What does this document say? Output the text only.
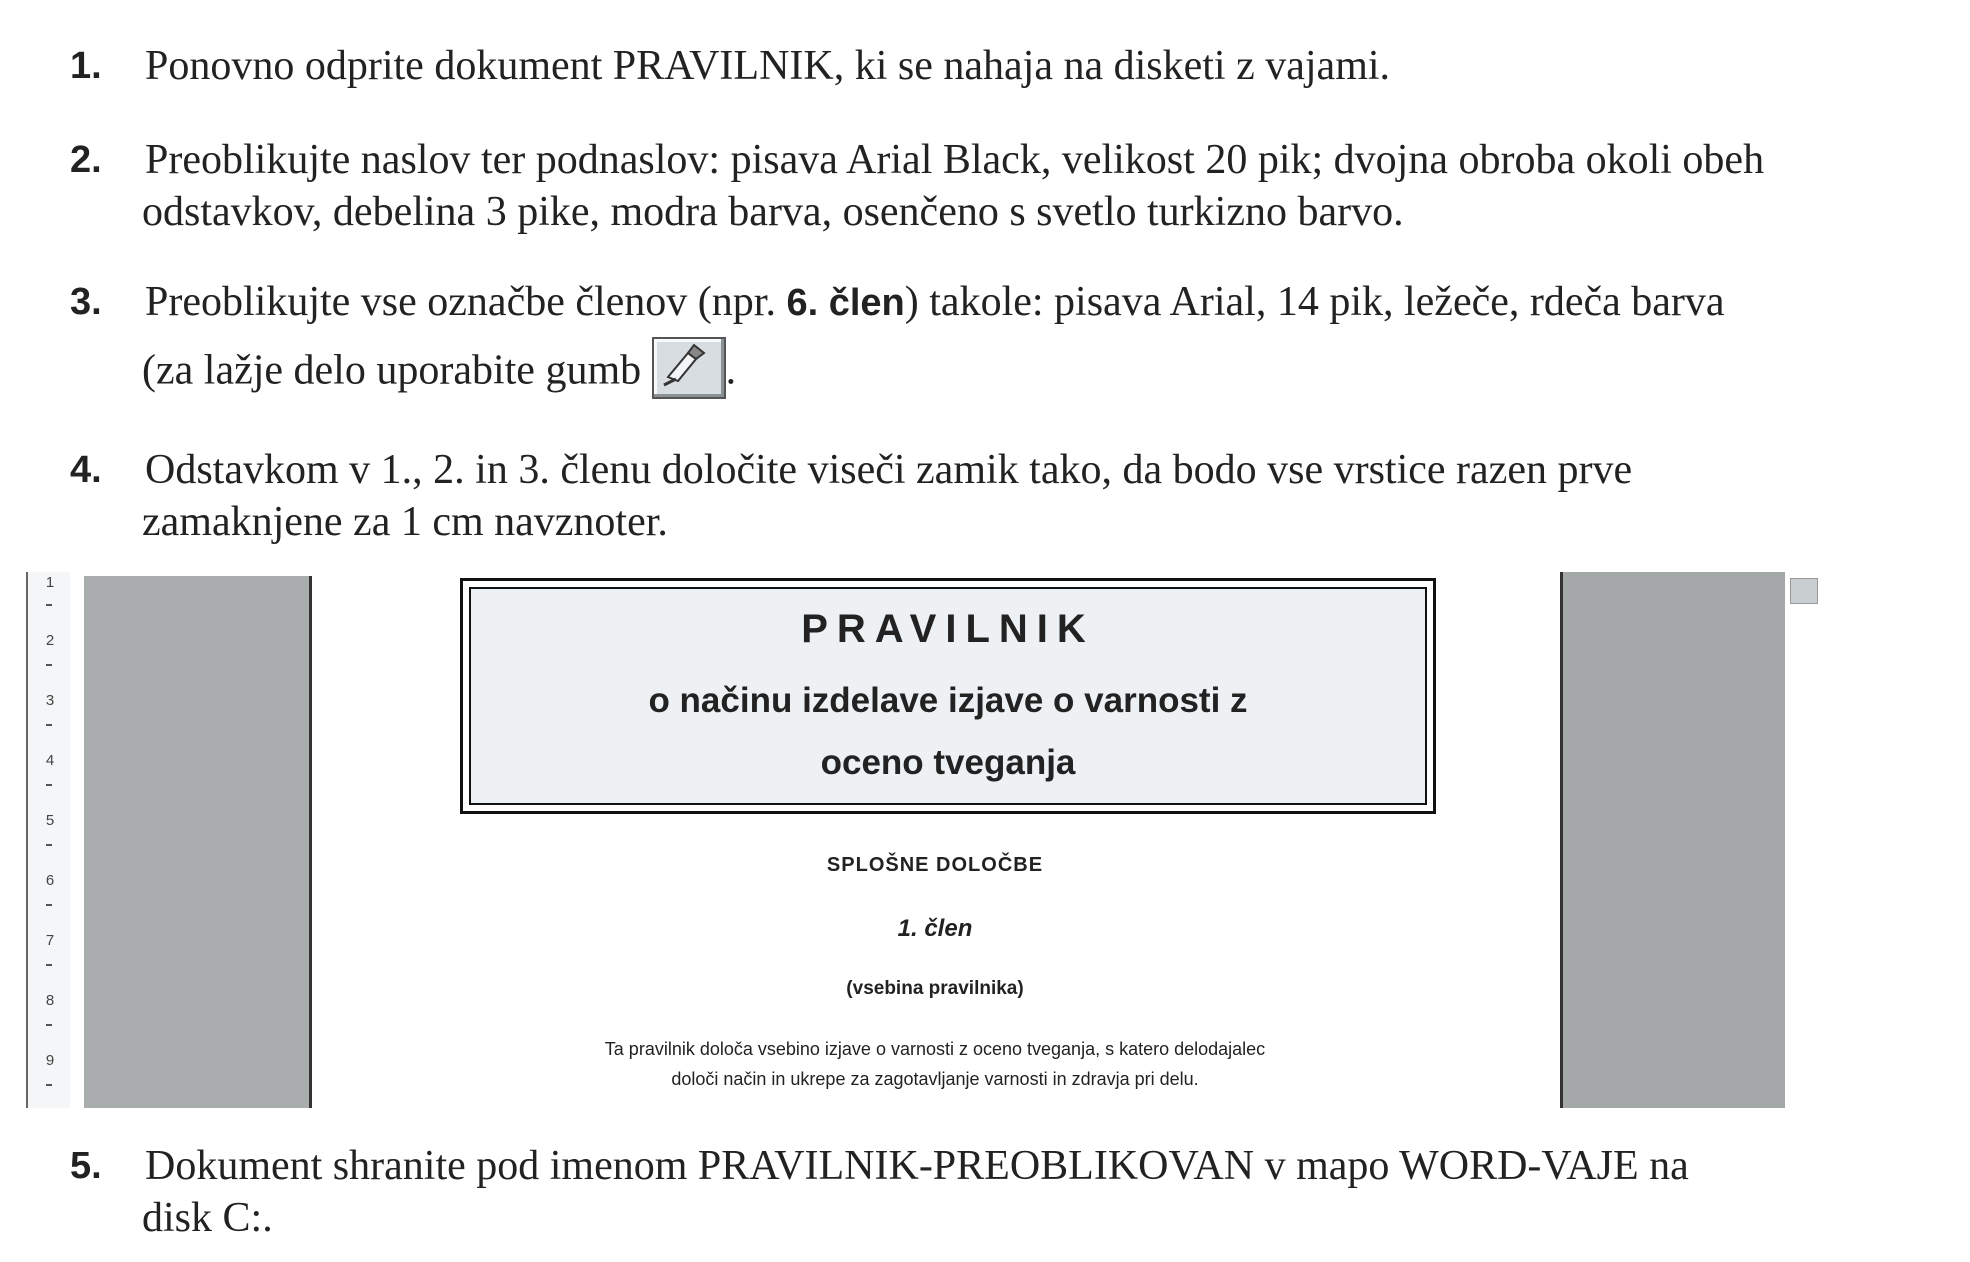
1. Ponovno odprite dokument PRAVILNIK, ki se nahaja na disketi z vajami.
2. Preoblikujte naslov ter podnaslov: pisava Arial Black, velikost 20 pik; dvojna obroba okoli obeh
odstavkov, debelina 3 pike, modra barva, osenčeno s svetlo turkizno barvo.
3. Preoblikujte vse označbe členov (npr. 6. člen) takole: pisava Arial, 14 pik, ležeče, rdeča barva
(za lažje delo uporabite gumb .
4. Odstavkom v 1., 2. in 3. členu določite viseči zamik tako, da bodo vse vrstice razen prve
zamaknjene za 1 cm navznoter.
1
2
3
4
5
6
7
8
9
PRAVILNIK
o načinu izdelave izjave o varnosti z
oceno tveganja
SPLOŠNE DOLOČBE
1. člen
(vsebina pravilnika)
Ta pravilnik določa vsebino izjave o varnosti z oceno tveganja, s katero delodajalec
določi način in ukrepe za zagotavljanje varnosti in zdravja pri delu.
5. Dokument shranite pod imenom PRAVILNIK-PREOBLIKOVAN v mapo WORD-VAJE na
disk C:.
